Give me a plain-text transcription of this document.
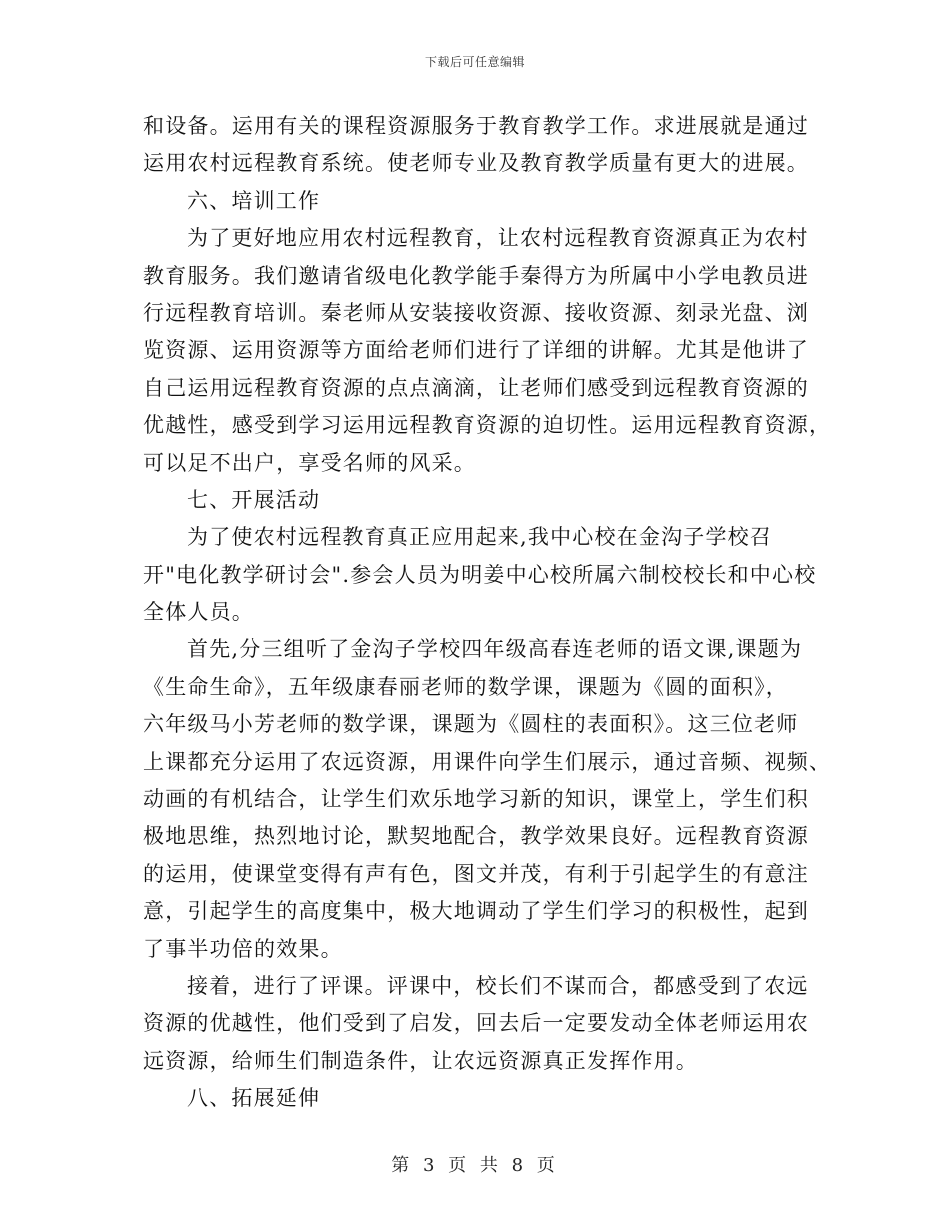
下载后可任意编辑
和设备。运用有关的课程资源服务于教育教学工作。求进展就是通过
运用农村远程教育系统。使老师专业及教育教学质量有更大的进展。
六、培训工作
为了更好地应用农村远程教育，让农村远程教育资源真正为农村
教育服务。我们邀请省级电化教学能手秦得方为所属中小学电教员进
行远程教育培训。秦老师从安装接收资源、接收资源、刻录光盘、浏
览资源、运用资源等方面给老师们进行了详细的讲解。尤其是他讲了
自己运用远程教育资源的点点滴滴，让老师们感受到远程教育资源的
优越性，感受到学习运用远程教育资源的迫切性。运用远程教育资源，
可以足不出户，享受名师的风采。
七、开展活动
为了使农村远程教育真正应用起来,我中心校在金沟子学校召
开"电化教学研讨会".参会人员为明姜中心校所属六制校校长和中心校
全体人员。
首先,分三组听了金沟子学校四年级高春连老师的语文课,课题为
《生命生命》，五年级康春丽老师的数学课，课题为《圆的面积》，
六年级马小芳老师的数学课，课题为《圆柱的表面积》。这三位老师
上课都充分运用了农远资源，用课件向学生们展示，通过音频、视频、
动画的有机结合，让学生们欢乐地学习新的知识，课堂上，学生们积
极地思维，热烈地讨论，默契地配合，教学效果良好。远程教育资源
的运用，使课堂变得有声有色，图文并茂，有利于引起学生的有意注
意，引起学生的高度集中，极大地调动了学生们学习的积极性，起到
了事半功倍的效果。
接着，进行了评课。评课中，校长们不谋而合，都感受到了农远
资源的优越性，他们受到了启发，回去后一定要发动全体老师运用农
远资源，给师生们制造条件，让农远资源真正发挥作用。
八、拓展延伸
第 3 页 共 8 页
